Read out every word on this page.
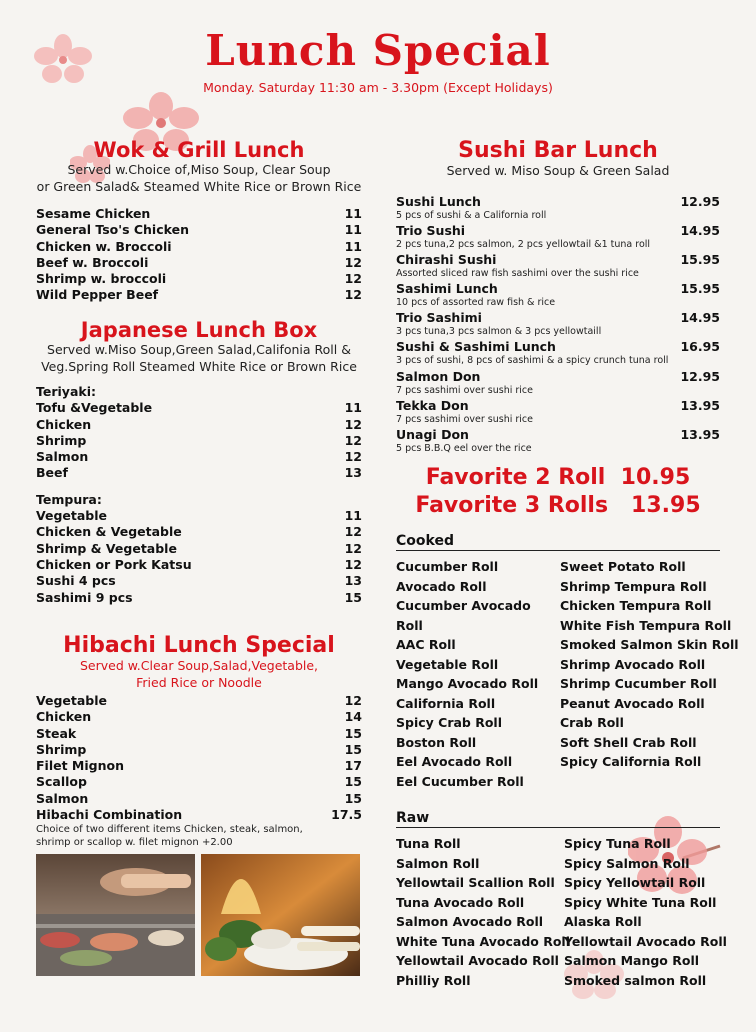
Lunch Special
Monday. Saturday 11:30 am - 3.30pm (Except Holidays)
Wok & Grill Lunch
Served w.Choice of,Miso Soup, Clear Soup
or Green Salad& Steamed White Rice or Brown Rice
Sesame Chicken	11
General Tso's Chicken	11
Chicken w. Broccoli	11
Beef w. Broccoli	12
Shrimp w. broccoli	12
Wild Pepper Beef	12
Japanese Lunch Box
Served w.Miso Soup,Green Salad,Califonia Roll &
Veg.Spring Roll Steamed White Rice or Brown Rice
Teriyaki:
Tofu &Vegetable	11
Chicken	12
Shrimp	12
Salmon	12
Beef	13
Tempura:
Vegetable	11
Chicken & Vegetable	12
Shrimp & Vegetable	12
Chicken or Pork Katsu	12
Sushi 4 pcs	13
Sashimi 9 pcs	15
Hibachi Lunch Special
Served w.Clear Soup,Salad,Vegetable,
Fried Rice or Noodle
Vegetable	12
Chicken	14
Steak	15
Shrimp	15
Filet Mignon	17
Scallop	15
Salmon	15
Hibachi Combination	17.5
Choice of two different items Chicken, steak, salmon,
shrimp or scallop w. filet mignon +2.00
Sushi Bar Lunch
Served w. Miso Soup & Green Salad
Sushi Lunch	12.95
5 pcs of sushi & a California roll
Trio Sushi	14.95
2 pcs tuna,2 pcs salmon, 2 pcs yellowtail &1 tuna roll
Chirashi Sushi	15.95
Assorted sliced raw fish sashimi over the sushi rice
Sashimi Lunch	15.95
10 pcs of assorted raw fish & rice
Trio Sashimi	14.95
3 pcs tuna,3 pcs salmon & 3 pcs yellowtaill
Sushi & Sashimi Lunch	16.95
3 pcs of sushi, 8 pcs of sashimi & a spicy crunch tuna roll
Salmon Don	12.95
7 pcs sashimi over sushi rice
Tekka Don	13.95
7 pcs sashimi over sushi rice
Unagi Don	13.95
5 pcs B.B.Q eel over the rice
Favorite 2 Roll  10.95
Favorite 3 Rolls   13.95
Cooked
Cucumber Roll
Avocado Roll
Cucumber Avocado Roll
AAC Roll
Vegetable Roll
Mango Avocado Roll
California Roll
Spicy Crab Roll
Boston Roll
Eel Avocado Roll
Eel Cucumber Roll
Sweet Potato Roll
Shrimp Tempura Roll
Chicken Tempura Roll
White Fish Tempura Roll
Smoked Salmon Skin Roll
Shrimp Avocado Roll
Shrimp Cucumber Roll
Peanut Avocado Roll
Crab Roll
Soft Shell Crab Roll
Spicy California Roll
Raw
Tuna Roll
Salmon Roll
Yellowtail Scallion Roll
Tuna Avocado Roll
Salmon Avocado Roll
White Tuna Avocado Roll
Yellowtail Avocado Roll
Philliy Roll
Spicy Tuna Roll
Spicy Salmon Roll
Spicy Yellowtail Roll
Spicy White Tuna Roll
Alaska Roll
Yellowtail Avocado Roll
Salmon Mango Roll
Smoked salmon Roll
